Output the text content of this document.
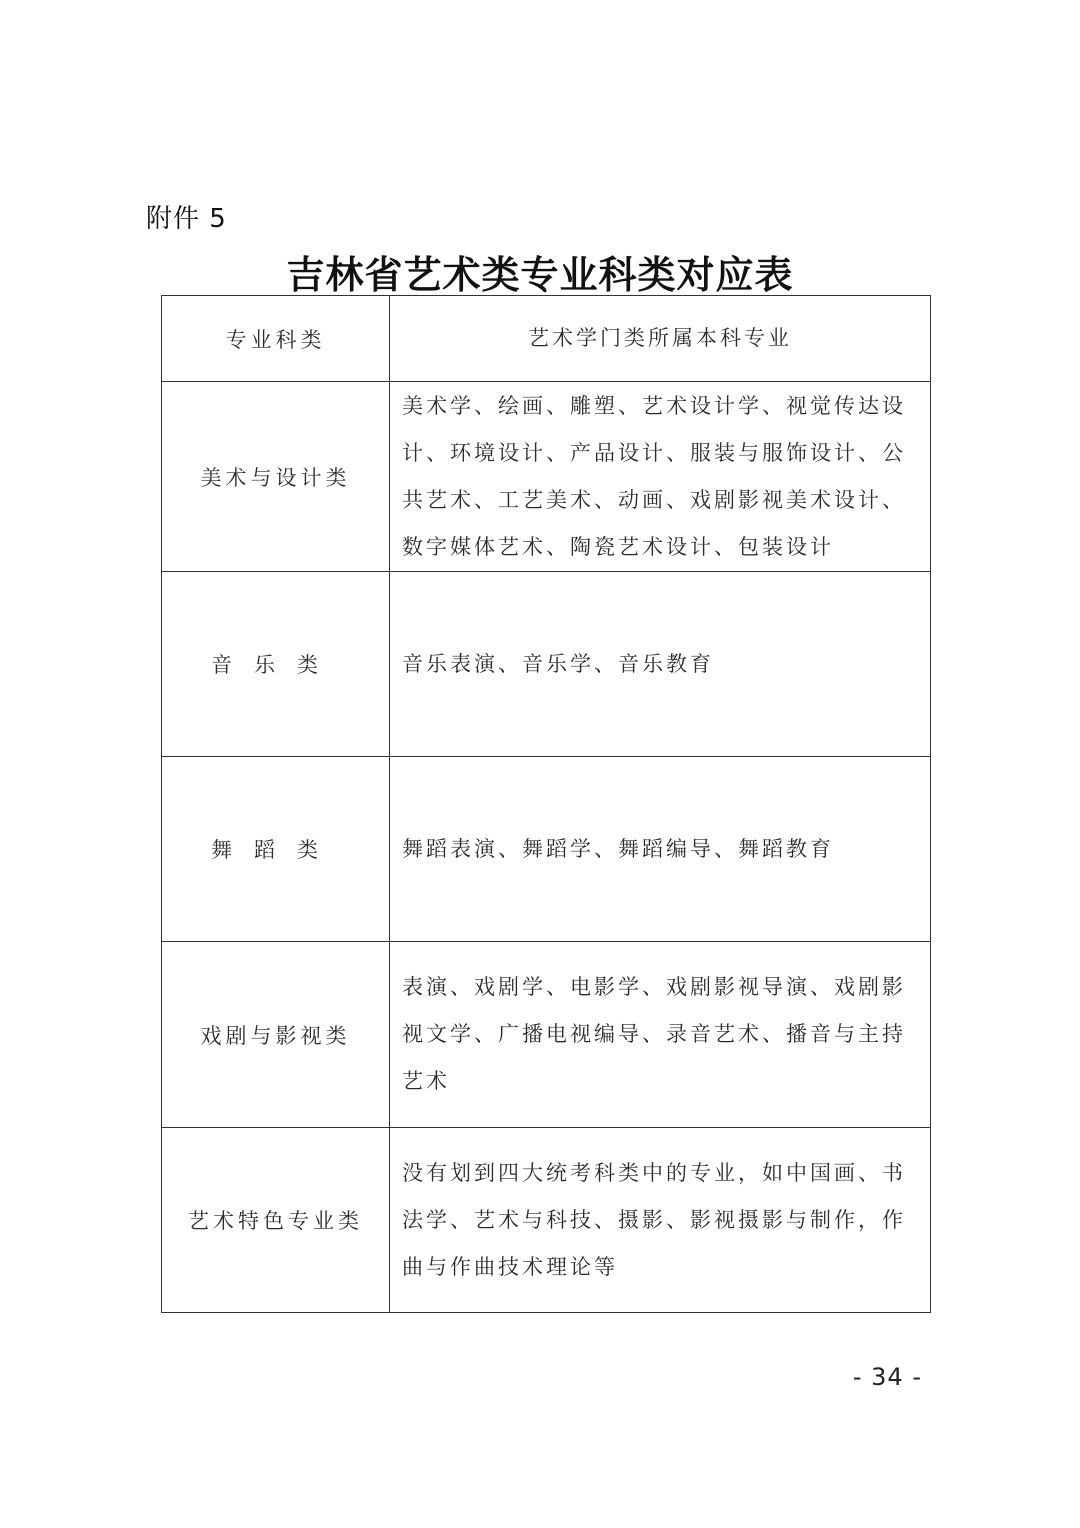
附件 5
吉林省艺术类专业科类对应表
专业科类	艺术学门类所属本科专业
美术与设计类	美术学、绘画、雕塑、艺术设计学、视觉传达设计、环境设计、产品设计、服装与服饰设计、公共艺术、工艺美术、动画、戏剧影视美术设计、数字媒体艺术、陶瓷艺术设计、包装设计
音乐类	音乐表演、音乐学、音乐教育
舞蹈类	舞蹈表演、舞蹈学、舞蹈编导、舞蹈教育
戏剧与影视类	表演、戏剧学、电影学、戏剧影视导演、戏剧影视文学、广播电视编导、录音艺术、播音与主持艺术
艺术特色专业类	没有划到四大统考科类中的专业，如中国画、书法学、艺术与科技、摄影、影视摄影与制作，作曲与作曲技术理论等
- 34 -
